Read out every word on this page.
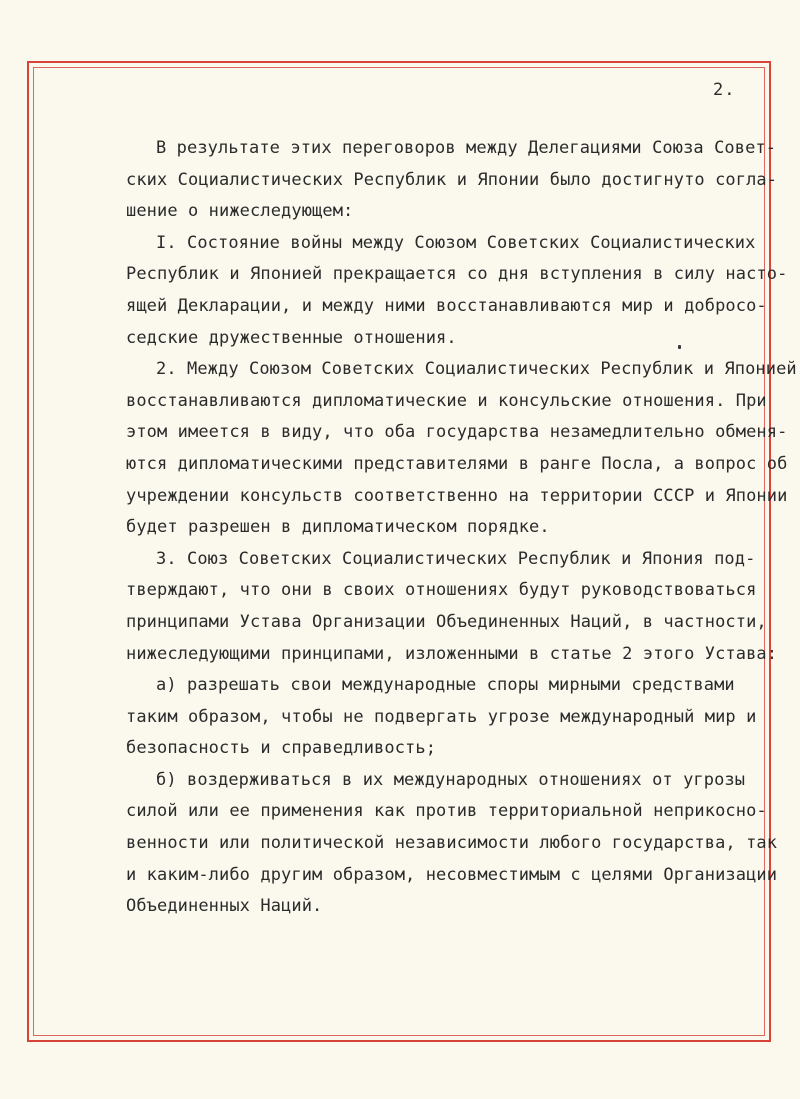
2.
В результате этих переговоров между Делегациями Союза Совет-
ских Социалистических Республик и Японии было достигнуто согла-
шение о нижеследующем:
I. Состояние войны между Союзом Советских Социалистических
Республик и Японией прекращается со дня вступления в силу насто-
ящей Декларации, и между ними восстанавливаются мир и добросо-
седские дружественные отношения.
2. Между Союзом Советских Социалистических Республик и Японией
восстанавливаются дипломатические и консульские отношения. При
этом имеется в виду, что оба государства незамедлительно обменя-
ются дипломатическими представителями в ранге Посла, а вопрос об
учреждении консульств соответственно на территории СССР и Японии
будет разрешен в дипломатическом порядке.
3. Союз Советских Социалистических Республик и Япония под-
тверждают, что они в своих отношениях будут руководствоваться
принципами Устава Организации Объединенных Наций, в частности,
нижеследующими принципами, изложенными в статье 2 этого Устава:
а) разрешать свои международные споры мирными средствами
таким образом, чтобы не подвергать угрозе международный мир и
безопасность и справедливость;
б) воздерживаться в их международных отношениях от угрозы
силой или ее применения как против территориальной неприкосно-
венности или политической независимости любого государства, так
и каким-либо другим образом, несовместимым с целями Организации
Объединенных Наций.
